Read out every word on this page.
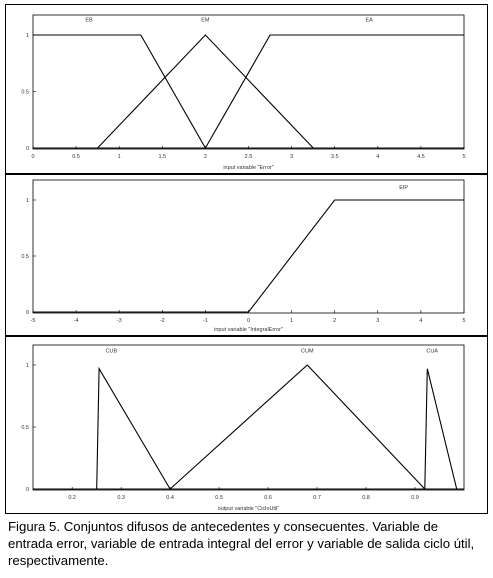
0	0.5	1	1.5	2	2.5	3	3.5	4	4.5	5
0
0.5
1
input variable "Error"
EB	EM	EA
-5	-4	-3	-2	-1	0	1	2	3	4	5
0
0.5
1
input variable "IntegralError"
EIP
0.2	0.3	0.4	0.5	0.6	0.7	0.8	0.9
0
0.5
1
output variable "CicloUtil"
CUB	CUM	CUA
Figura 5. Conjuntos difusos de antecedentes y consecuentes. Variable de entrada error, variable de entrada integral del error y variable de salida ciclo útil, respectivamente.
